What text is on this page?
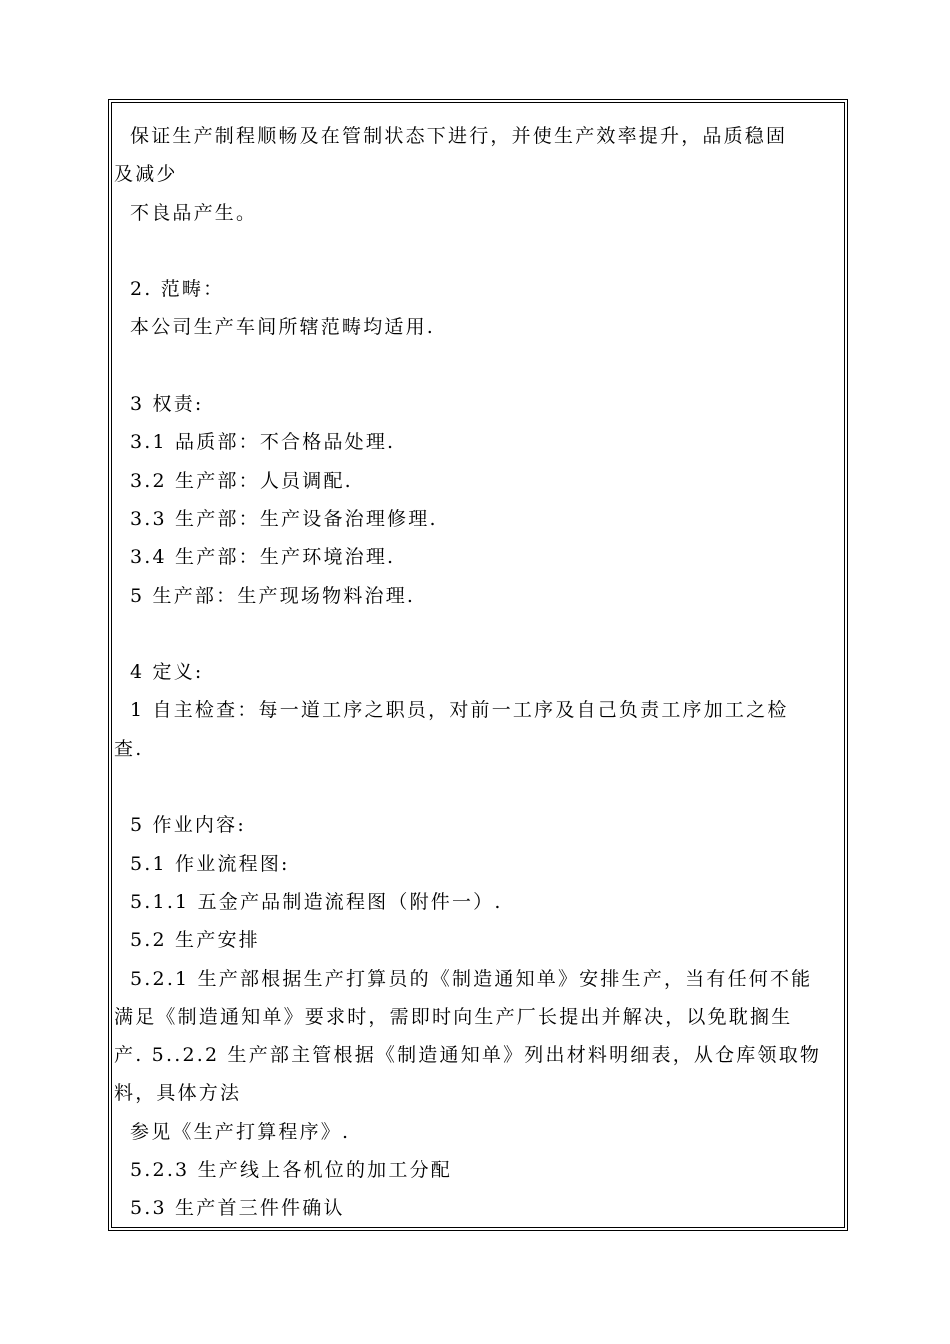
保证生产制程顺畅及在管制状态下进行，并使生产效率提升，品质稳固
及减少
不良品产生。
2. 范畴：
本公司生产车间所辖范畴均适用.
3 权责:
3.1 品质部：不合格品处理.
3.2 生产部：人员调配.
3.3 生产部：生产设备治理修理.
3.4 生产部：生产环境治理.
5 生产部：生产现场物料治理.
4 定义:
1 自主检查：每一道工序之职员，对前一工序及自己负责工序加工之检
查.
5 作业内容:
5.1 作业流程图:
5.1.1 五金产品制造流程图（附件一）.
5.2 生产安排
5.2.1 生产部根据生产打算员的《制造通知单》安排生产，当有任何不能
满足《制造通知单》要求时，需即时向生产厂长提出并解决，以免耽搁生
产. 5..2.2 生产部主管根据《制造通知单》列出材料明细表，从仓库领取物
料，具体方法
参见《生产打算程序》.
5.2.3 生产线上各机位的加工分配
5.3 生产首三件件确认
